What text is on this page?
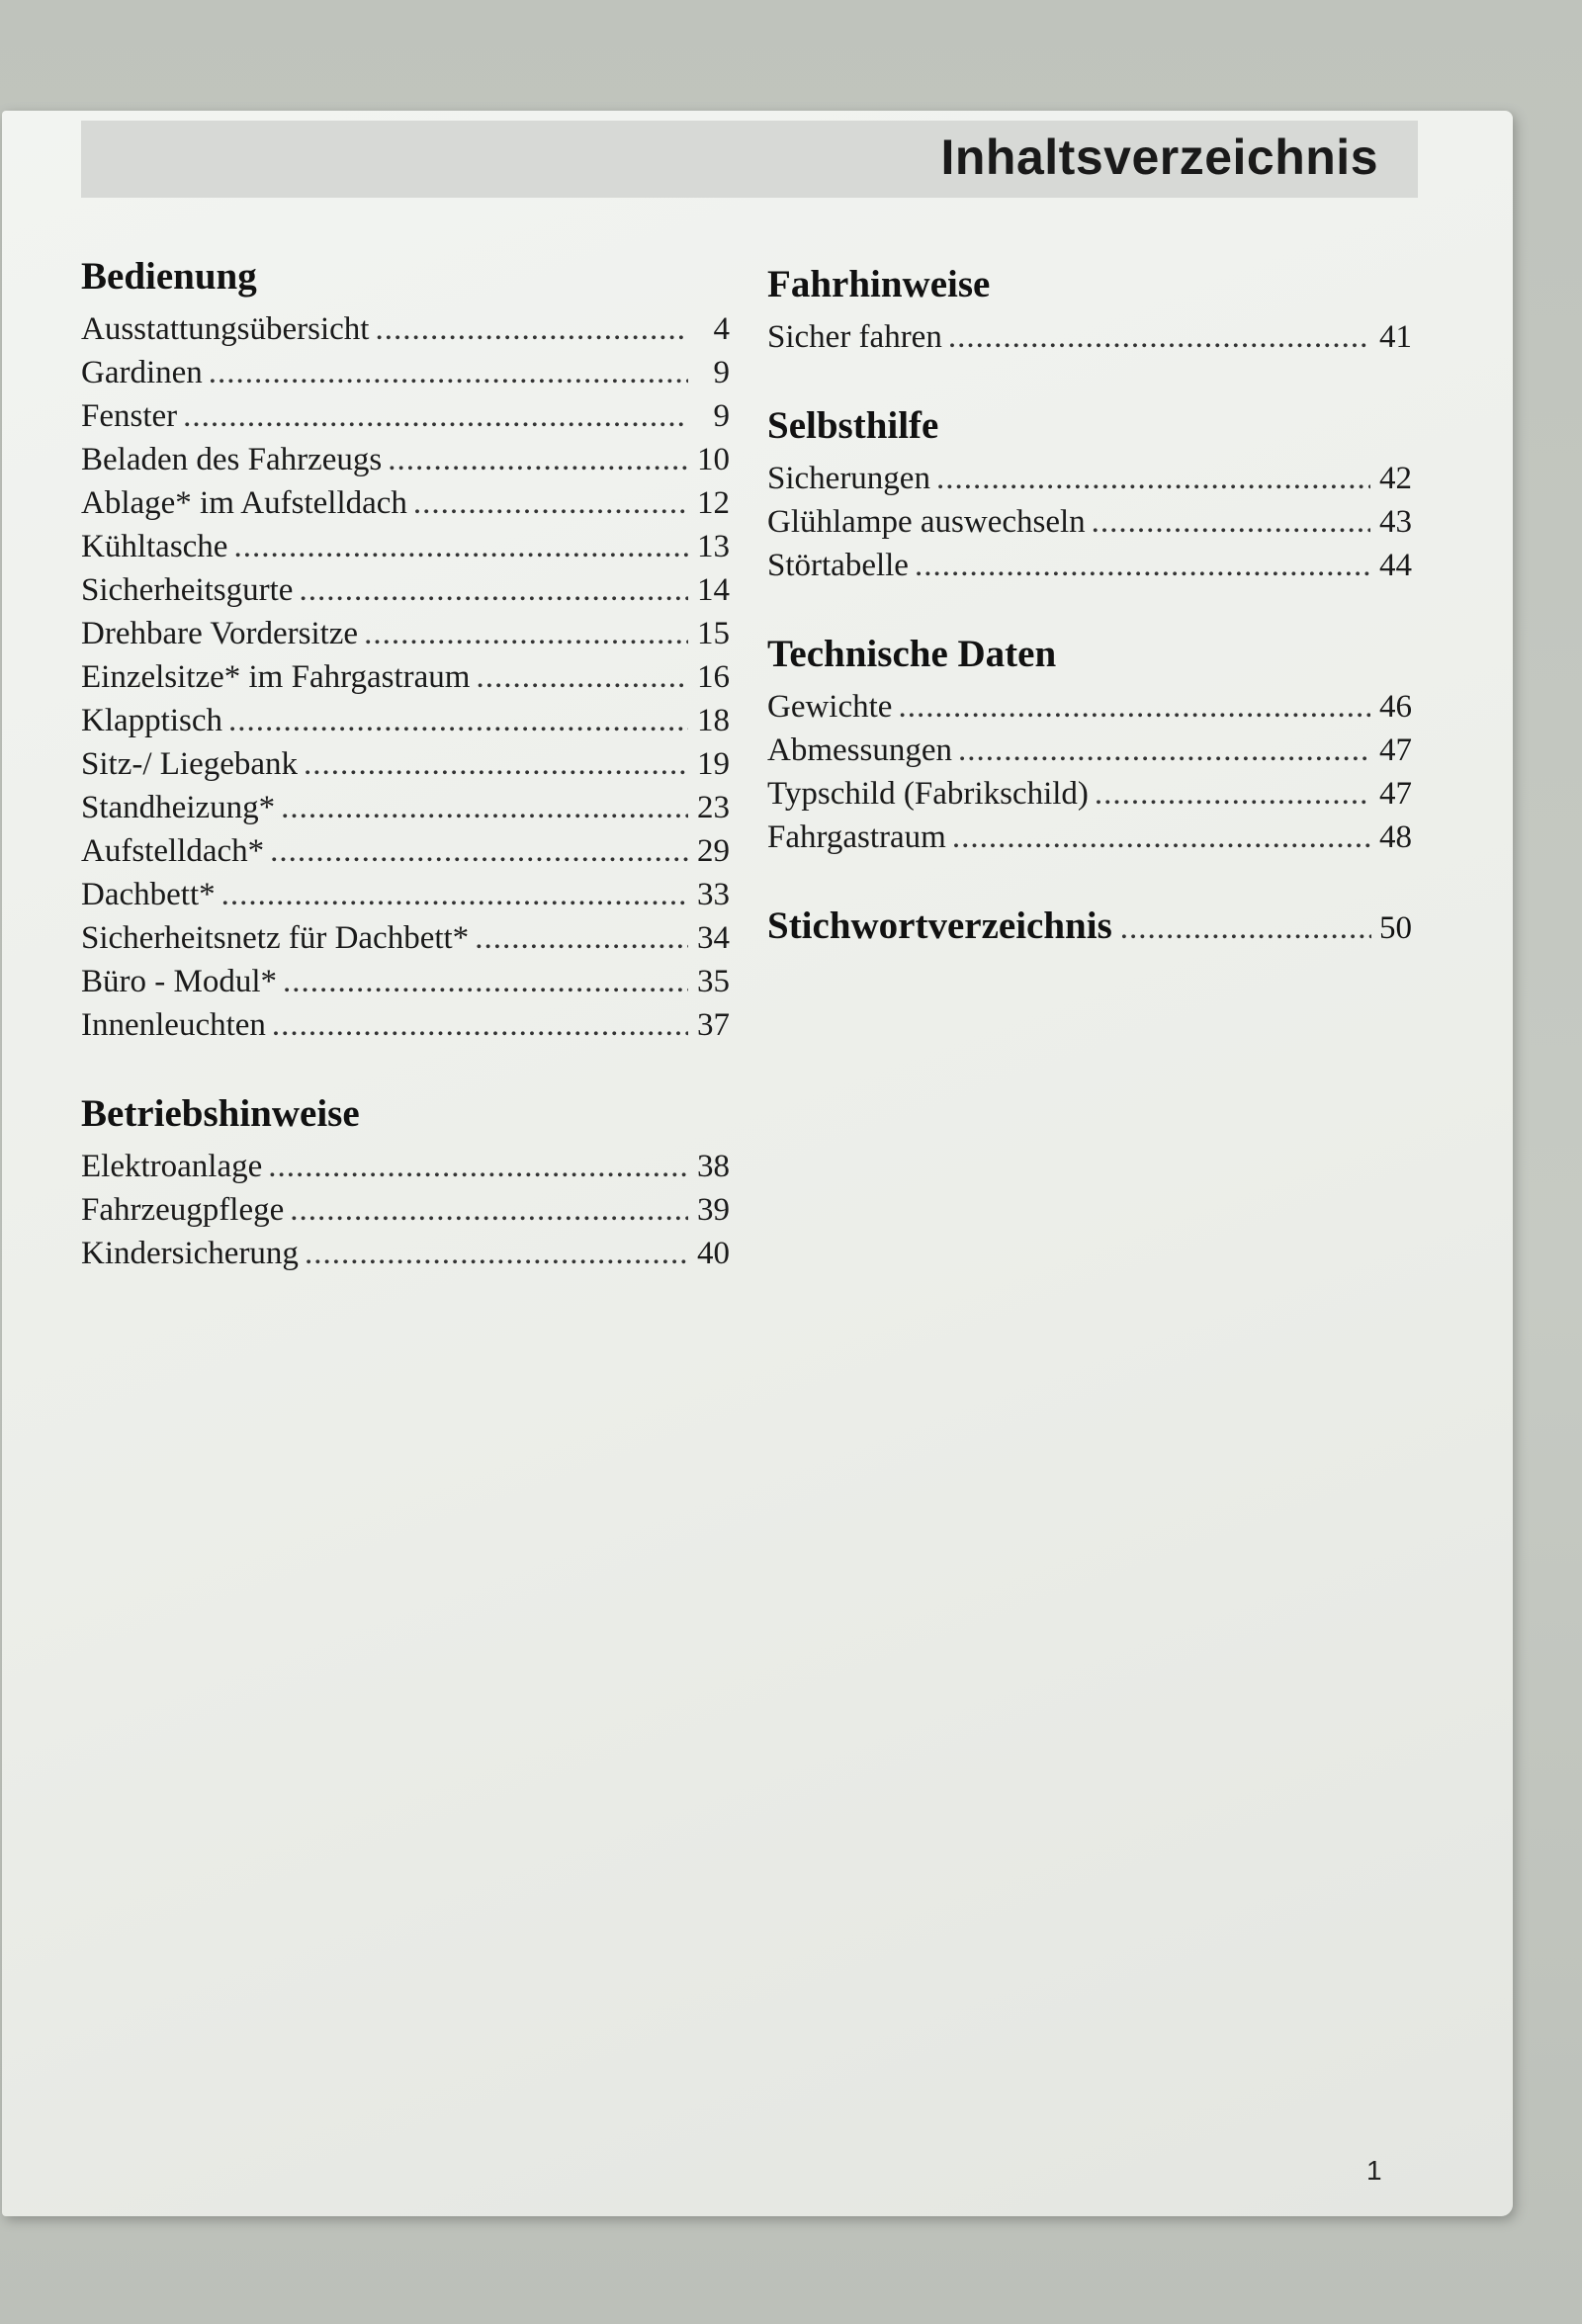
Inhaltsverzeichnis
Bedienung
Ausstattungsübersicht .....	4
Gardinen .....	9
Fenster .....	9
Beladen des Fahrzeugs .....	10
Ablage* im Aufstelldach .....	12
Kühltasche .....	13
Sicherheitsgurte .....	14
Drehbare Vordersitze .....	15
Einzelsitze* im Fahrgastraum .....	16
Klapptisch .....	18
Sitz-/ Liegebank .....	19
Standheizung* .....	23
Aufstelldach* .....	29
Dachbett* .....	33
Sicherheitsnetz für Dachbett* .....	34
Büro - Modul* .....	35
Innenleuchten .....	37
Betriebshinweise
Elektroanlage .....	38
Fahrzeugpflege .....	39
Kindersicherung .....	40
Fahrhinweise
Sicher fahren .....	41
Selbsthilfe
Sicherungen .....	42
Glühlampe auswechseln .....	43
Störtabelle .....	44
Technische Daten
Gewichte .....	46
Abmessungen .....	47
Typschild (Fabrikschild) .....	47
Fahrgastraum .....	48
Stichwortverzeichnis .....	50
1
